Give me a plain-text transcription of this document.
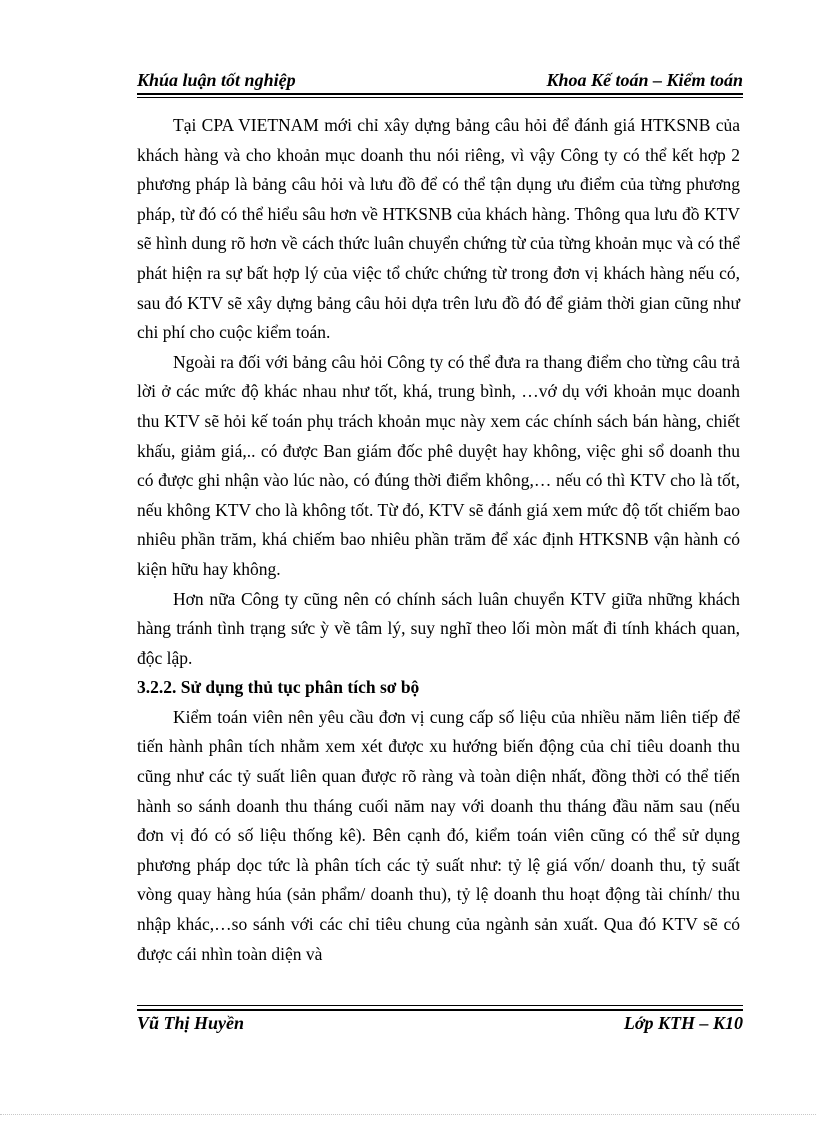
Khúa luận tốt nghiệp	Khoa Kế toán – Kiểm toán

Tại CPA VIETNAM mới chỉ xây dựng bảng câu hỏi để đánh giá HTKSNB của khách hàng và cho khoản mục doanh thu nói riêng, vì vậy Công ty có thể kết hợp 2 phương pháp là bảng câu hỏi và lưu đồ để có thể tận dụng ưu điểm của từng phương pháp, từ đó có thể hiểu sâu hơn về HTKSNB của khách hàng. Thông qua lưu đồ KTV sẽ hình dung rõ hơn về cách thức luân chuyển chứng từ của từng khoản mục và có thể phát hiện ra sự bất hợp lý của việc tổ chức chứng từ trong đơn vị khách hàng nếu có, sau đó KTV sẽ xây dựng bảng câu hỏi dựa trên lưu đồ đó để giảm thời gian cũng như chi phí cho cuộc kiểm toán.

Ngoài ra đối với bảng câu hỏi Công ty có thể đưa ra thang điểm cho từng câu trả lời ở các mức độ khác nhau như tốt, khá, trung bình, …vớ dụ với khoản mục doanh thu KTV sẽ hỏi kế toán phụ trách khoản mục này xem các chính sách bán hàng, chiết khấu, giảm giá,.. có được Ban giám đốc phê duyệt hay không, việc ghi sổ doanh thu có được ghi nhận vào lúc nào, có đúng thời điểm không,… nếu có thì KTV cho là tốt, nếu không KTV cho là không tốt. Từ đó, KTV sẽ đánh giá xem mức độ tốt chiếm bao nhiêu phần trăm, khá chiếm bao nhiêu phần trăm để xác định HTKSNB vận hành có kiện hữu hay không.

Hơn nữa Công ty cũng nên có chính sách luân chuyển KTV giữa những khách hàng tránh tình trạng sức ỳ về tâm lý, suy nghĩ theo lối mòn mất đi tính khách quan, độc lập.

3.2.2. Sử dụng thủ tục phân tích sơ bộ

Kiểm toán viên nên yêu cầu đơn vị cung cấp số liệu của nhiều năm liên tiếp để tiến hành phân tích nhằm xem xét được xu hướng biến động của chỉ tiêu doanh thu cũng như các tỷ suất liên quan được rõ ràng và toàn diện nhất, đồng thời có thể tiến hành so sánh doanh thu tháng cuối năm nay với doanh thu tháng đầu năm sau (nếu đơn vị đó có số liệu thống kê). Bên cạnh đó, kiểm toán viên cũng có thể sử dụng phương pháp dọc tức là phân tích các tỷ suất như: tỷ lệ giá vốn/ doanh thu, tỷ suất vòng quay hàng húa (sản phẩm/ doanh thu), tỷ lệ doanh thu hoạt động tài chính/ thu nhập khác,…so sánh với các chỉ tiêu chung của ngành sản xuất. Qua đó KTV sẽ có được cái nhìn toàn diện và

Vũ Thị Huyền	Lớp KTH – K10
